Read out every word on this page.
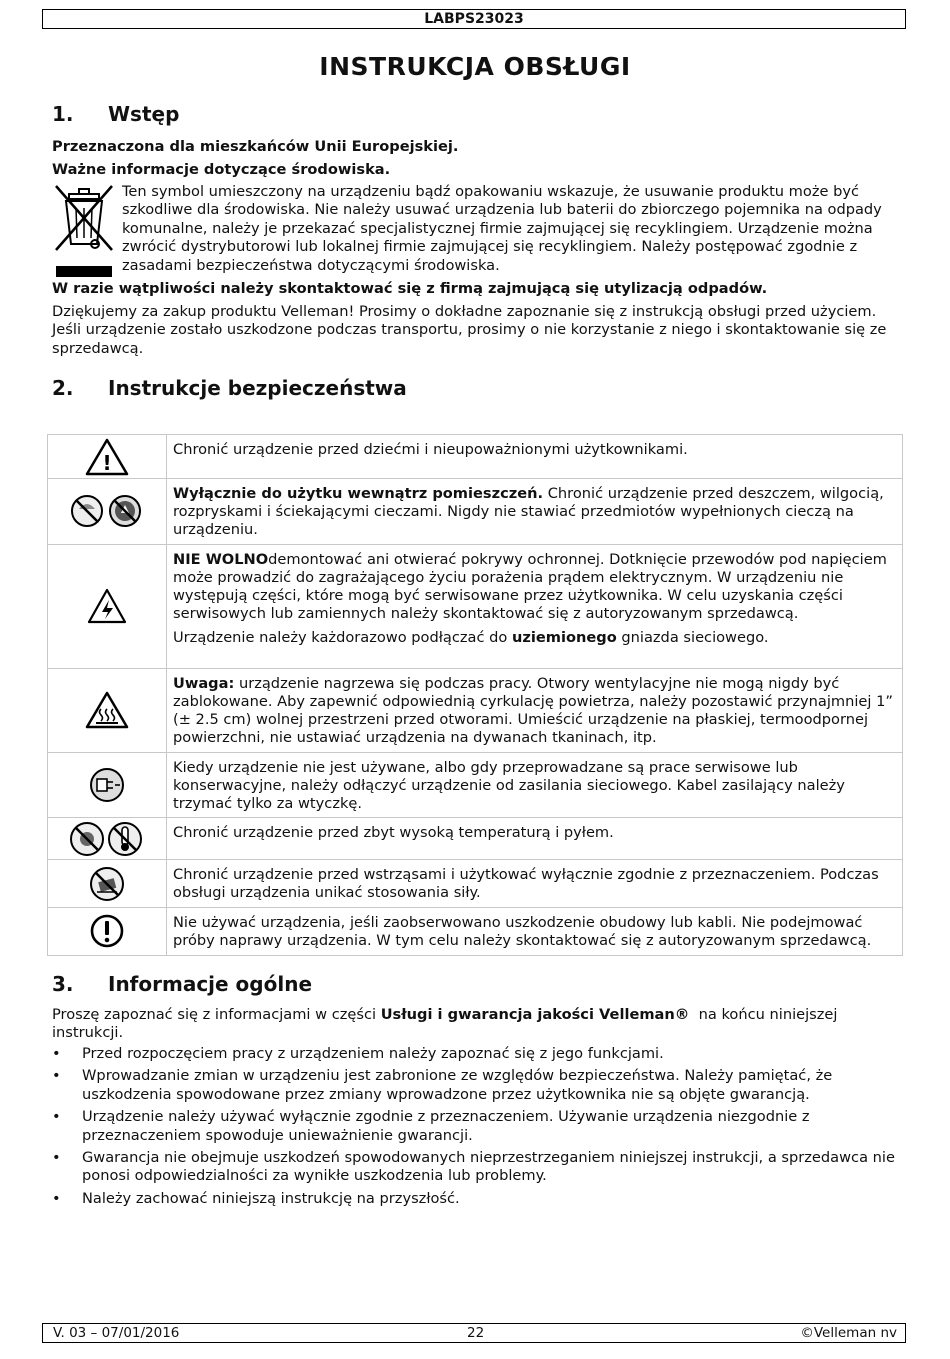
LABPS23023
INSTRUKCJA OBSŁUGI
1. Wstęp
Przeznaczona dla mieszkańców Unii Europejskiej.
Ważne informacje dotyczące środowiska.
Ten symbol umieszczony na urządzeniu bądź opakowaniu wskazuje, że usuwanie produktu może być szkodliwe dla środowiska. Nie należy usuwać urządzenia lub baterii do zbiorczego pojemnika na odpady komunalne, należy je przekazać specjalistycznej firmie zajmującej się recyklingiem. Urządzenie można zwrócić dystrybutorowi lub lokalnej firmie zajmującej się recyklingiem. Należy postępować zgodnie z zasadami bezpieczeństwa dotyczącymi środowiska.
W razie wątpliwości należy skontaktować się z firmą zajmującą się utylizacją odpadów.
Dziękujemy za zakup produktu Velleman! Prosimy o dokładne zapoznanie się z instrukcją obsługi przed użyciem. Jeśli urządzenie zostało uszkodzone podczas transportu, prosimy o nie korzystanie z niego i skontaktowanie się ze sprzedawcą.
2. Instrukcje bezpieczeństwa
!	Chronić urządzenie przed dziećmi i nieupoważnionymi użytkownikami.

Wyłącznie do użytku wewnątrz pomieszczeń. Chronić urządzenie przed deszczem, wilgocią, rozpryskami i ściekającymi cieczami. Nigdy nie stawiać przedmiotów wypełnionych cieczą na urządzeniu.

NIE WOLNOdemontować ani otwierać pokrywy ochronnej. Dotknięcie przewodów pod napięciem może prowadzić do zagrażającego życiu porażenia prądem elektrycznym. W urządzeniu nie występują części, które mogą być serwisowane przez użytkownika. W celu uzyskania części serwisowych lub zamiennych należy skontaktować się z autoryzowanym sprzedawcą.

Urządzenie należy każdorazowo podłączać do uziemionego gniazda sieciowego.

Uwaga: urządzenie nagrzewa się podczas pracy. Otwory wentylacyjne nie mogą nigdy być zablokowane. Aby zapewnić odpowiednią cyrkulację powietrza, należy pozostawić przynajmniej 1” (± 2.5 cm) wolnej przestrzeni przed otworami. Umieścić urządzenie na płaskiej, termoodpornej powierzchni, nie ustawiać urządzenia na dywanach tkaninach, itp.

Kiedy urządzenie nie jest używane, albo gdy przeprowadzane są prace serwisowe lub konserwacyjne, należy odłączyć urządzenie od zasilania sieciowego. Kabel zasilający należy trzymać tylko za wtyczkę.

Chronić urządzenie przed zbyt wysoką temperaturą i pyłem.

Chronić urządzenie przed wstrząsami i użytkować wyłącznie zgodnie z przeznaczeniem. Podczas obsługi urządzenia unikać stosowania siły.

Nie używać urządzenia, jeśli zaobserwowano uszkodzenie obudowy lub kabli. Nie podejmować próby naprawy urządzenia. W tym celu należy skontaktować się z autoryzowanym sprzedawcą.

3. Informacje ogólne
Proszę zapoznać się z informacjami w części Usługi i gwarancja jakości Velleman®  na końcu niniejszej instrukcji.
• Przed rozpoczęciem pracy z urządzeniem należy zapoznać się z jego funkcjami.
• Wprowadzanie zmian w urządzeniu jest zabronione ze względów bezpieczeństwa. Należy pamiętać, że uszkodzenia spowodowane przez zmiany wprowadzone przez użytkownika nie są objęte gwarancją.
• Urządzenie należy używać wyłącznie zgodnie z przeznaczeniem. Używanie urządzenia niezgodnie z przeznaczeniem spowoduje unieważnienie gwarancji.
• Gwarancja nie obejmuje uszkodzeń spowodowanych nieprzestrzeganiem niniejszej instrukcji, a sprzedawca nie ponosi odpowiedzialności za wynikłe uszkodzenia lub problemy.
• Należy zachować niniejszą instrukcję na przyszłość.
V. 03 – 07/01/2016	22	©Velleman nv
